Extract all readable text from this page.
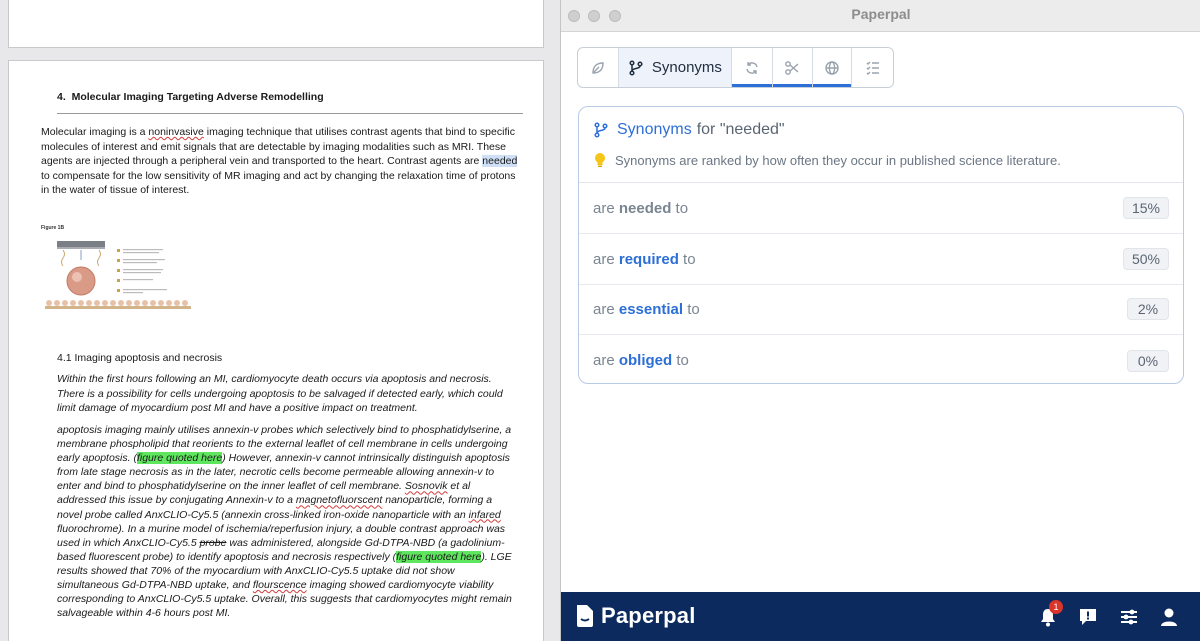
4.  Molecular Imaging Targeting Adverse Remodelling
Molecular imaging is a noninvasive imaging technique that utilises contrast agents that bind to specific molecules of interest and emit signals that are detectable by imaging modalities such as MRI. These agents are injected through a peripheral vein and transported to the heart. Contrast agents are needed to compensate for the low sensitivity of MR imaging and act by changing the relaxation time of protons in the water of tissue of interest.
Figure 1B
4.1 Imaging apoptosis and necrosis
Within the first hours following an MI, cardiomyocyte death occurs via apoptosis and necrosis. There is a possibility for cells undergoing apoptosis to be salvaged if detected early, which could limit damage of myocardium post MI and have a positive impact on treatment.
apoptosis imaging mainly utilises annexin-v probes which selectively bind to phosphatidylserine, a membrane phospholipid that reorients to the external leaflet of cell membrane in cells undergoing early apoptosis. (figure quoted here) However, annexin-v cannot intrinsically distinguish apoptosis from late stage necrosis as in the later, necrotic cells become permeable allowing annexin-v to enter and bind to phosphatidylserine on the inner leaflet of cell membrane. Sosnovik et al addressed this issue by conjugating Annexin-v to a magnetofluorscent nanoparticle, forming a novel probe called AnxCLIO-Cy5.5 (annexin cross-linked iron-oxide nanoparticle with an infared fluorochrome). In a murine model of ischemia/reperfusion injury, a double contrast approach was used in which AnxCLIO-Cy5.5 probe was administered, alongside Gd-DTPA-NBD (a gadolinium-based fluorescent probe) to identify apoptosis and necrosis respectively (figure quoted here). LGE results showed that 70% of the myocardium with AnxCLIO-Cy5.5 uptake did not show simultaneous Gd-DTPA-NBD uptake, and flourscence imaging showed cardiomyocyte viability corresponding to AnxCLIO-Cy5.5 uptake. Overall, this suggests that cardiomyocytes might remain salvageable within 4-6 hours post MI.
Paperpal
Synonyms
Synonyms for "needed"
Synonyms are ranked by how often they occur in published science literature.
are needed to	15%
are required to	50%
are essential to	2%
are obliged to	0%
Paperpal	1
